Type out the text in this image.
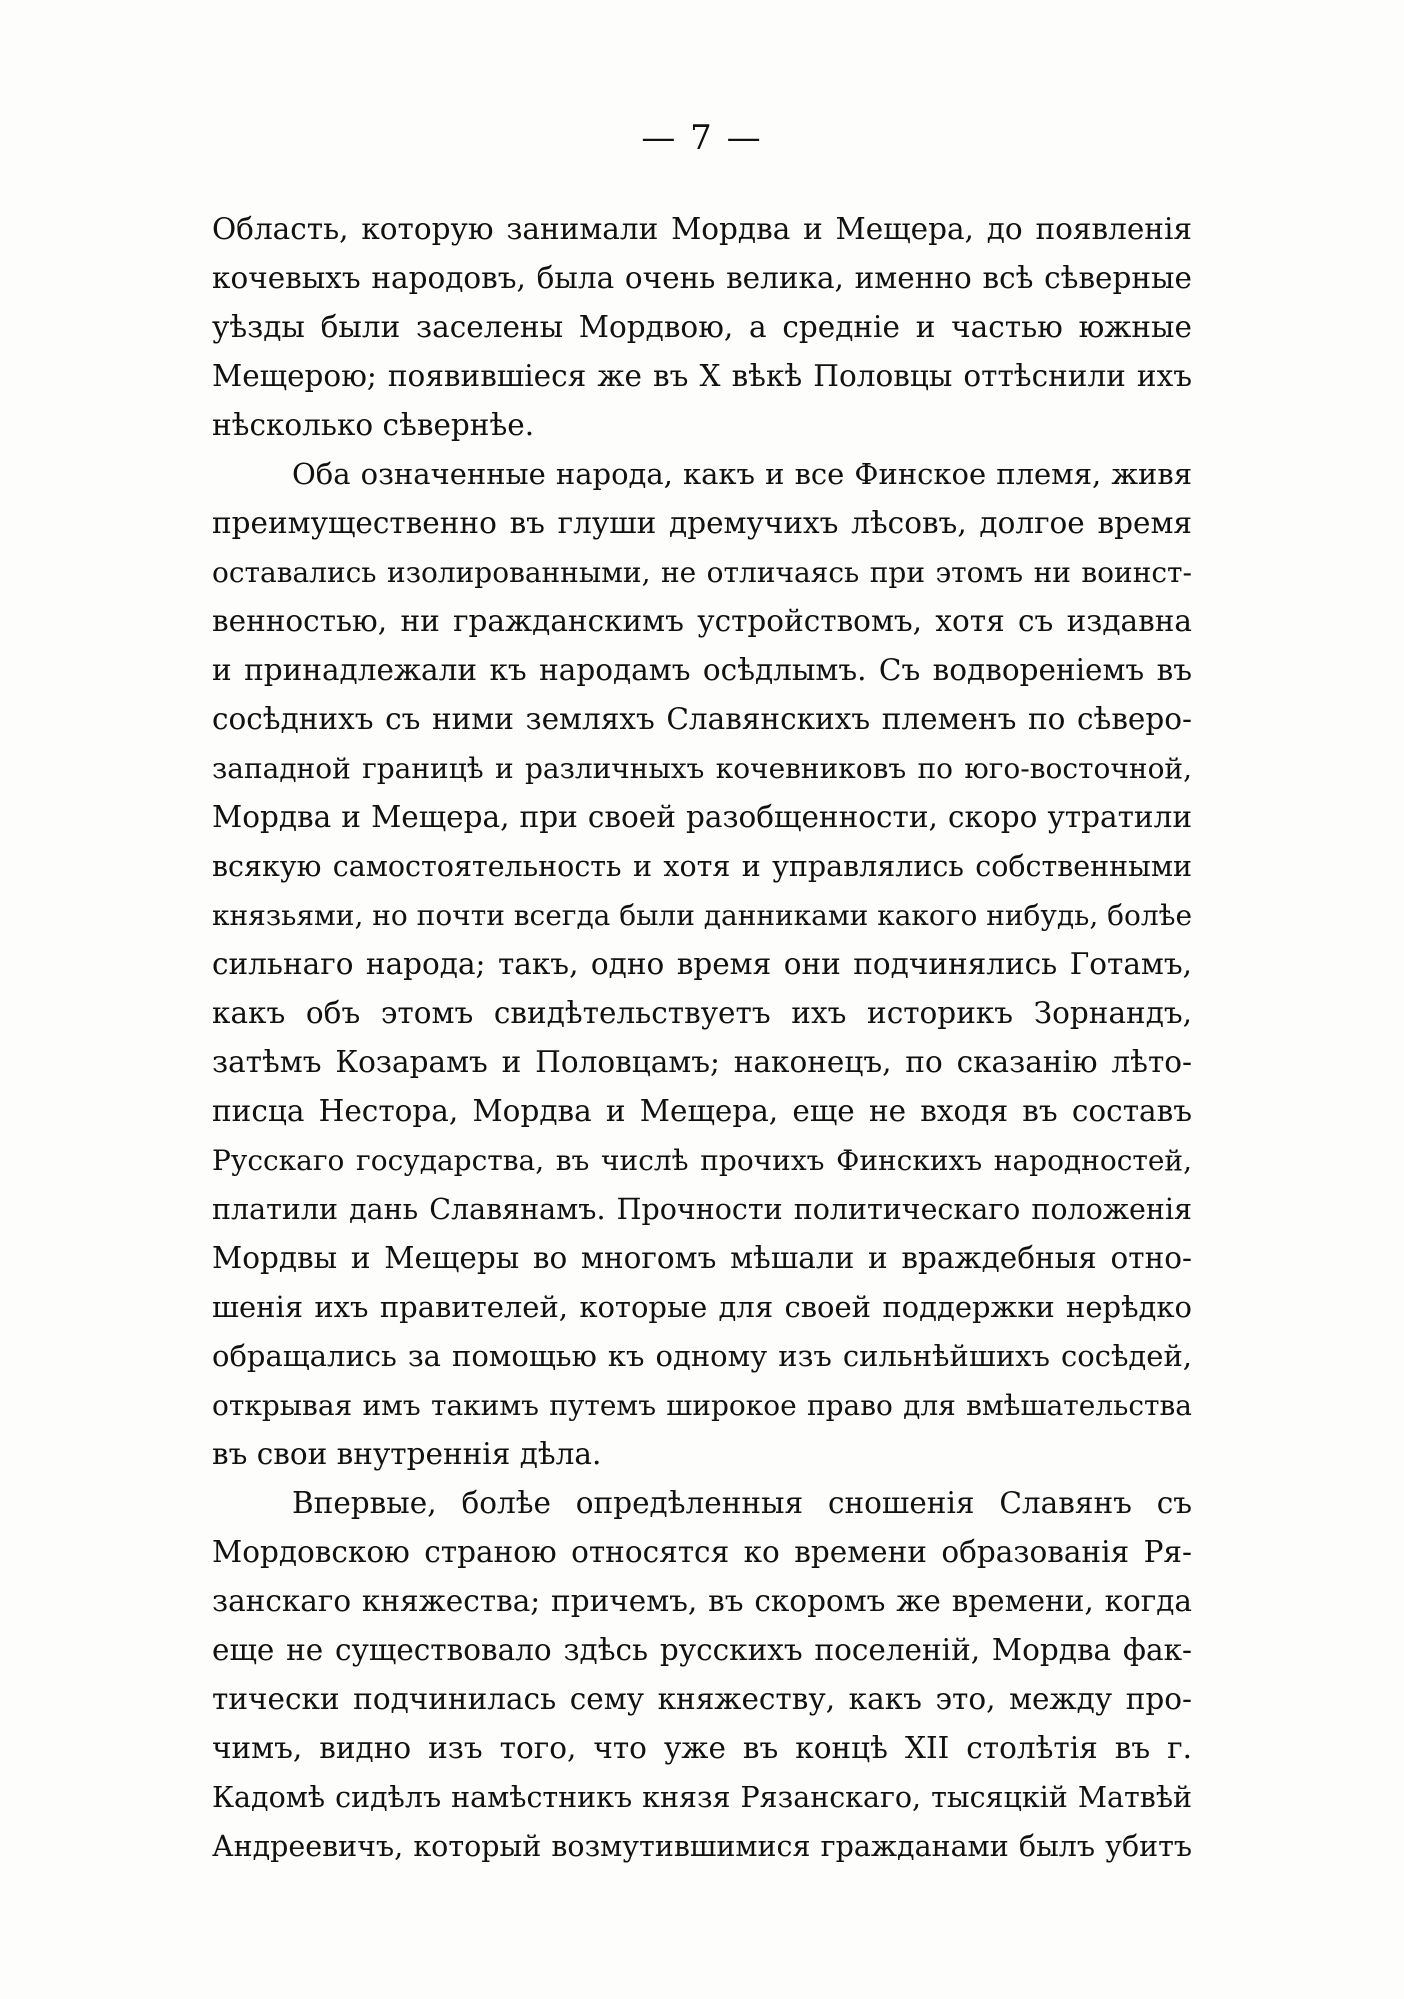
— 7 —
Область, которую занимали Мордва и Мещера, до появленія
кочевыхъ народовъ, была очень велика, именно всѣ сѣверные
уѣзды были заселены Мордвою, а средніе и частью южные
Мещерою; появившіеся же въ X вѣкѣ Половцы оттѣснили ихъ
нѣсколько сѣвернѣе.
Оба означенные народа, какъ и все Финское племя, живя
преимущественно въ глуши дремучихъ лѣсовъ, долгое время
оставались изолированными, не отличаясь при этомъ ни воинст-
венностью, ни гражданскимъ устройствомъ, хотя съ издавна
и принадлежали къ народамъ осѣдлымъ. Съ водвореніемъ въ
сосѣднихъ съ ними земляхъ Славянскихъ племенъ по сѣверо-
западной границѣ и различныхъ кочевниковъ по юго-восточной,
Мордва и Мещера, при своей разобщенности, скоро утратили
всякую самостоятельность и хотя и управлялись собственными
князьями, но почти всегда были данниками какого нибудь, болѣе
сильнаго народа; такъ, одно время они подчинялись Готамъ,
какъ объ этомъ свидѣтельствуетъ ихъ историкъ Зорнандъ,
затѣмъ Козарамъ и Половцамъ; наконецъ, по сказанію лѣто-
писца Нестора, Мордва и Мещера, еще не входя въ составъ
Русскаго государства, въ числѣ прочихъ Финскихъ народностей,
платили дань Славянамъ. Прочности политическаго положенія
Мордвы и Мещеры во многомъ мѣшали и враждебныя отно-
шенія ихъ правителей, которые для своей поддержки нерѣдко
обращались за помощью къ одному изъ сильнѣйшихъ сосѣдей,
открывая имъ такимъ путемъ широкое право для вмѣшательства
въ свои внутреннія дѣла.
Впервые, болѣе опредѣленныя сношенія Славянъ съ
Мордовскою страною относятся ко времени образованія Ря-
занскаго княжества; причемъ, въ скоромъ же времени, когда
еще не существовало здѣсь русскихъ поселеній, Мордва фак-
тически подчинилась сему княжеству, какъ это, между про-
чимъ, видно изъ того, что уже въ концѣ XII столѣтія въ г.
Кадомѣ сидѣлъ намѣстникъ князя Рязанскаго, тысяцкій Матвѣй
Андреевичъ, который возмутившимися гражданами былъ убитъ
